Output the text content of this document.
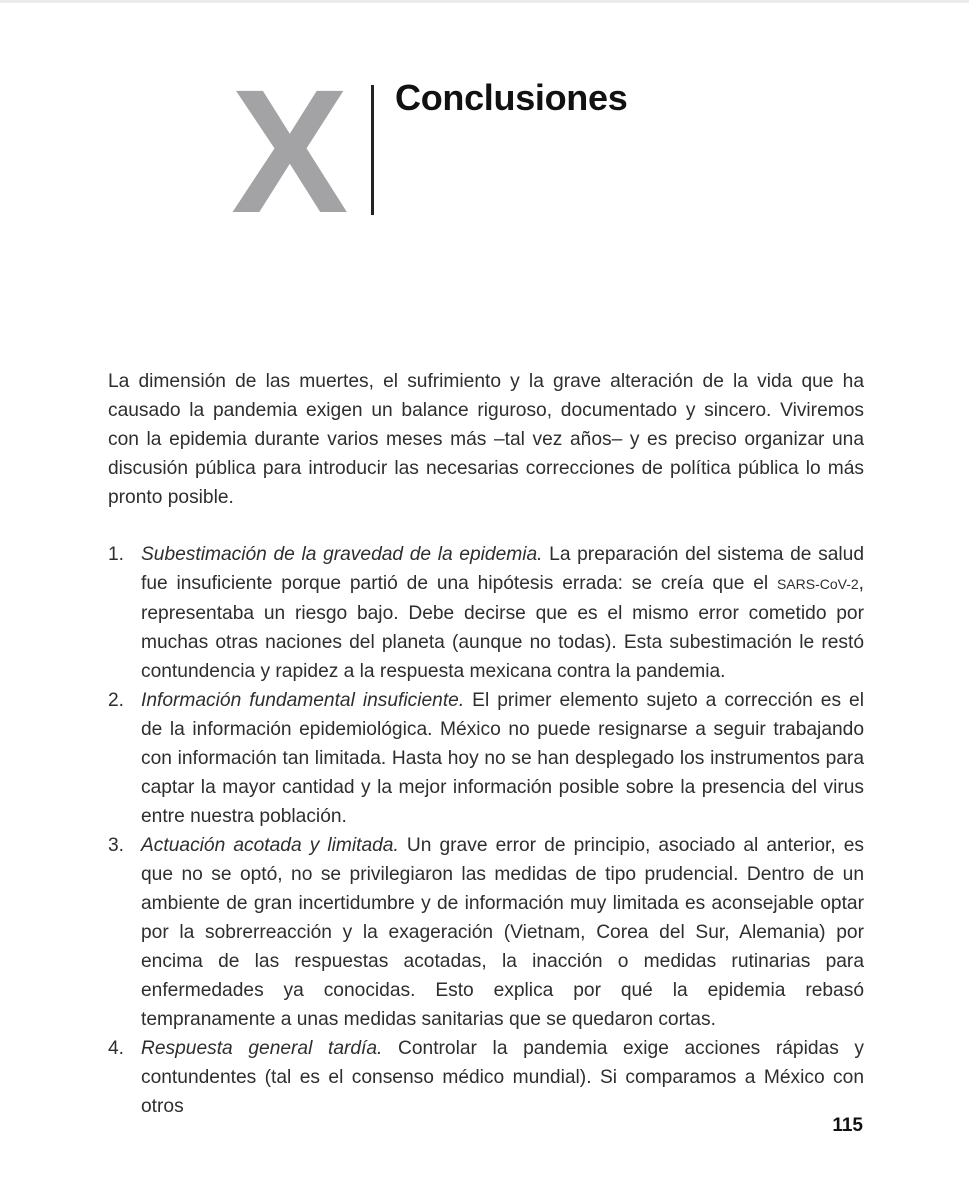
X Conclusiones

La dimensión de las muertes, el sufrimiento y la grave alteración de la vida que ha causado la pandemia exigen un balance riguroso, documentado y sincero. Viviremos con la epidemia durante varios meses más –tal vez años– y es preciso organizar una discusión pública para introducir las necesarias correcciones de política pública lo más pronto posible.

1. Subestimación de la gravedad de la epidemia. La preparación del sistema de salud fue insuficiente porque partió de una hipótesis errada: se creía que el SARS-CoV-2, representaba un riesgo bajo. Debe decirse que es el mismo error cometido por muchas otras naciones del planeta (aunque no todas). Esta subestimación le restó contundencia y rapidez a la respuesta mexicana contra la pandemia.
2. Información fundamental insuficiente. El primer elemento sujeto a corrección es el de la información epidemiológica. México no puede resignarse a seguir trabajando con información tan limitada. Hasta hoy no se han desplegado los instrumentos para captar la mayor cantidad y la mejor información posible sobre la presencia del virus entre nuestra población.
3. Actuación acotada y limitada. Un grave error de principio, asociado al anterior, es que no se optó, no se privilegiaron las medidas de tipo prudencial. Dentro de un ambiente de gran incertidumbre y de información muy limitada es aconsejable optar por la sobrerreacción y la exageración (Vietnam, Corea del Sur, Alemania) por encima de las respuestas acotadas, la inacción o medidas rutinarias para enfermedades ya conocidas. Esto explica por qué la epidemia rebasó tempranamente a unas medidas sanitarias que se quedaron cortas.
4. Respuesta general tardía. Controlar la pandemia exige acciones rápidas y contundentes (tal es el consenso médico mundial). Si comparamos a México con otros
115
